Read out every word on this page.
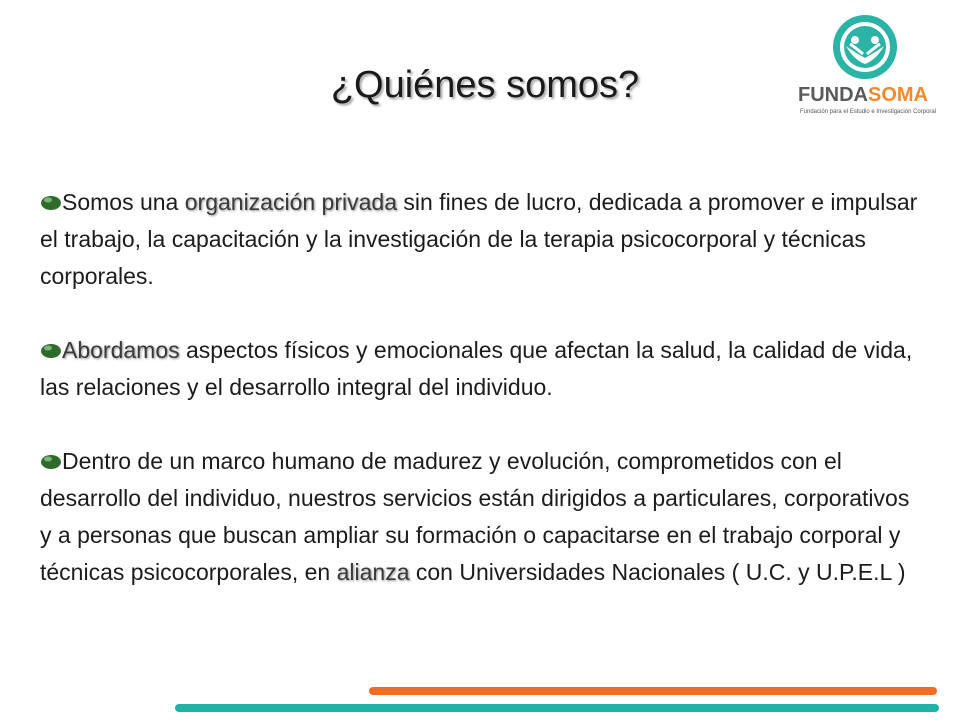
¿Quiénes somos?	FUNDASOMA
Fundación para el Estudio e Investigación Corporal

Somos una organización privada sin fines de lucro, dedicada a promover e impulsar el trabajo, la capacitación y la investigación de la terapia psicocorporal y técnicas corporales.

Abordamos aspectos físicos y emocionales que afectan la salud, la calidad de vida, las relaciones y el desarrollo integral del individuo.

Dentro de un marco humano de madurez y evolución, comprometidos con el desarrollo del individuo, nuestros servicios están dirigidos a particulares, corporativos y a personas que buscan ampliar su formación o capacitarse en el trabajo corporal y técnicas psicocorporales, en alianza con Universidades Nacionales ( U.C. y U.P.E.L )
